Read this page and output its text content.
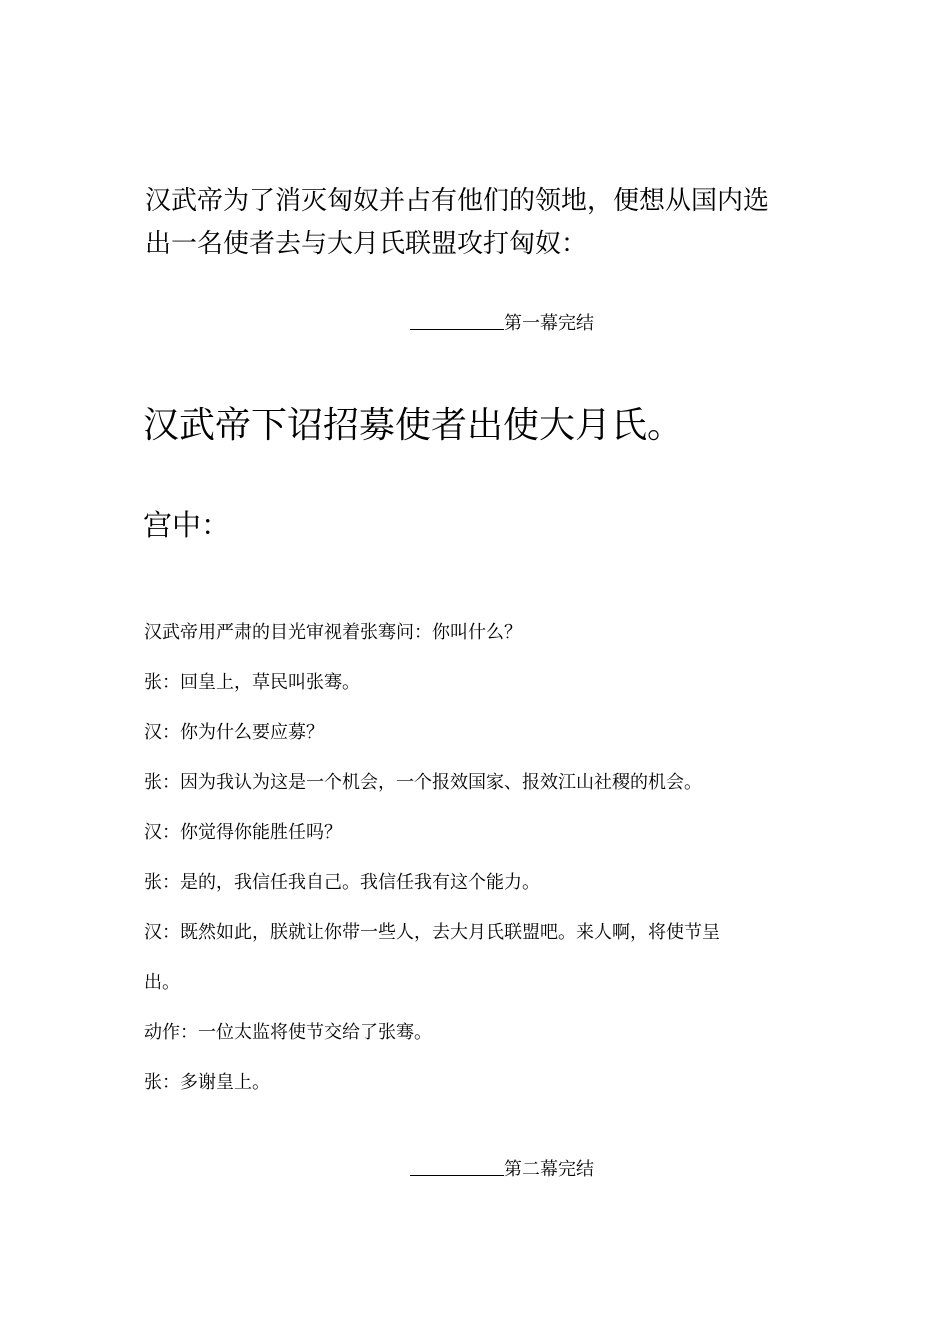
汉武帝为了消灭匈奴并占有他们的领地，便想从国内选
出一名使者去与大月氏联盟攻打匈奴：

第一幕完结
汉武帝下诏招募使者出使大月氏。
宫中：
汉武帝用严肃的目光审视着张骞问：你叫什么？
张：回皇上，草民叫张骞。
汉：你为什么要应募？
张：因为我认为这是一个机会，一个报效国家、报效江山社稷的机会。
汉：你觉得你能胜任吗？
张：是的，我信任我自己。我信任我有这个能力。
汉：既然如此，朕就让你带一些人，去大月氏联盟吧。来人啊，将使节呈
出。
动作：一位太监将使节交给了张骞。
张：多谢皇上。
第二幕完结
